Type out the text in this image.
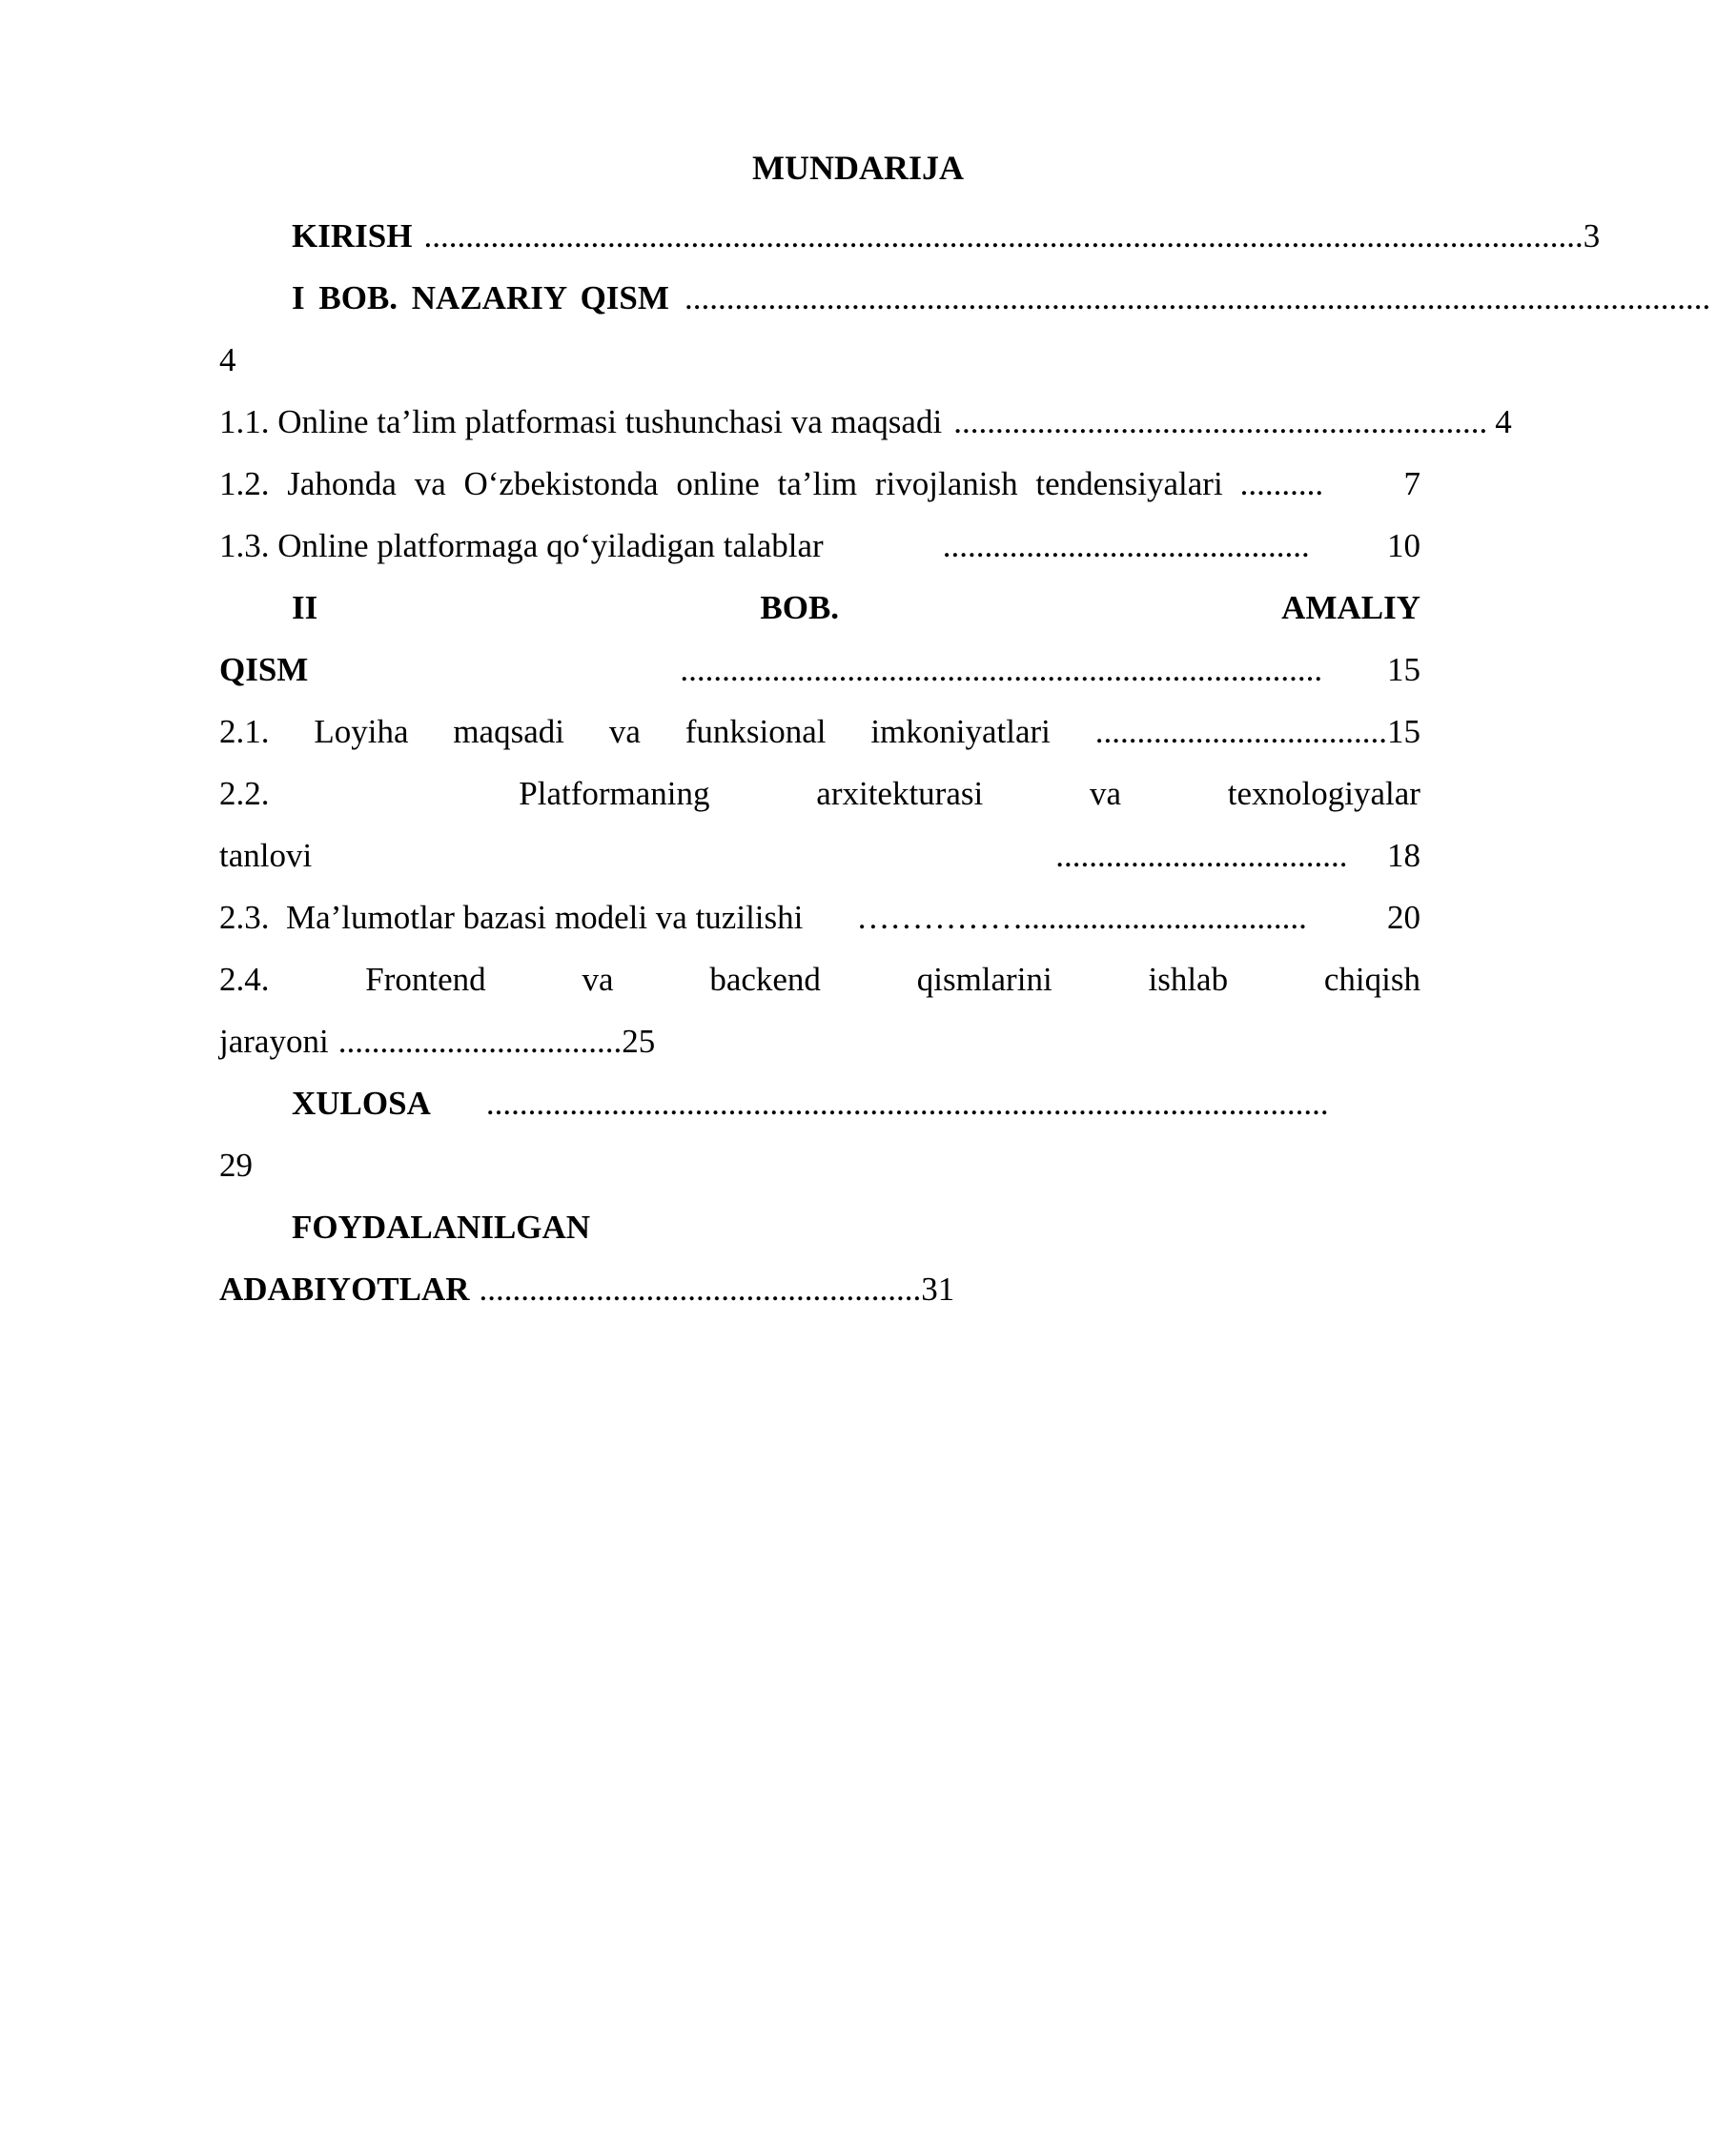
MUNDARIJA
KIRISH ........................................................................................................................................... 3
I BOB. NAZARIY QISM ...........................................................................................................................
4
1.1. Online ta’lim platformasi tushunchasi va maqsadi ................................................................ 4
1.2. Jahonda va O‘zbekistonda online ta’lim rivojlanish tendensiyalari ..........	7
1.3. Online platformaga qo‘yiladigan talablar	............................................	10
II	BOB.	AMALIY
QISM	.............................................................................	15
2.1. Loyiha maqsadi va funksional imkoniyatlari ...................................15
2.2.	Platformaning	arxitekturasi	va	texnologiyalar
tanlovi	...................................	18
2.3.  Ma’lumotlar bazasi modeli va tuzilishi	……………..................................	20
2.4.	Frontend	va	backend	qismlarini	ishlab	chiqish
jarayoni .................................. 25
XULOSA	.....................................................................................................
29
FOYDALANILGAN
ADABIYOTLAR ..................................................... 31
